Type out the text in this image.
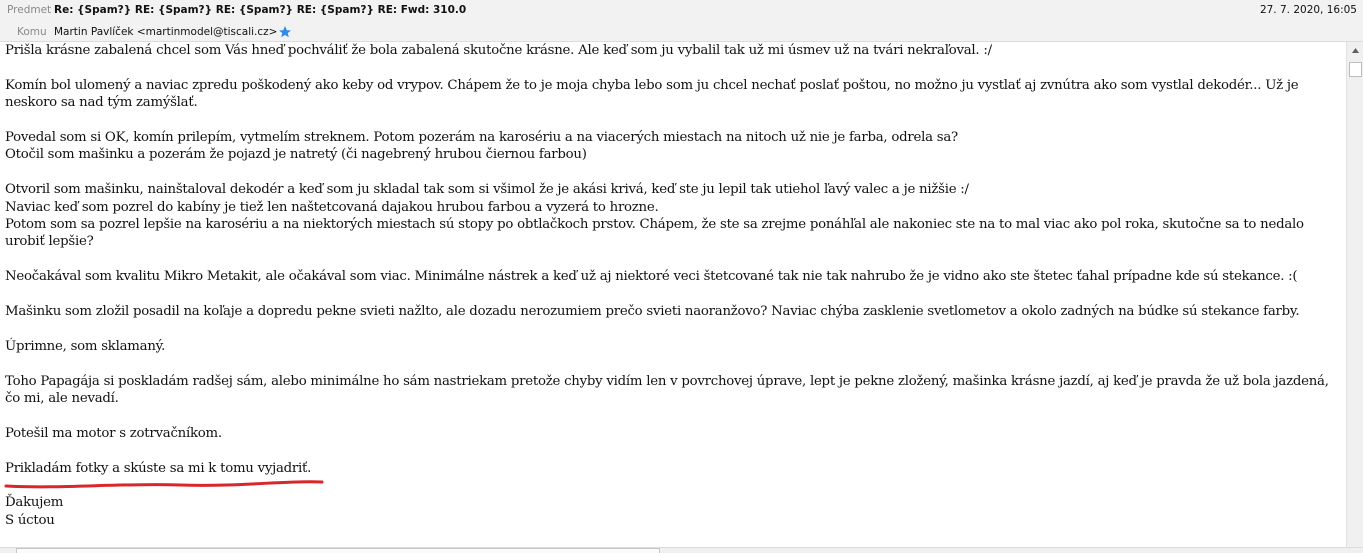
Predmet Re: {Spam?} RE: {Spam?} RE: {Spam?} RE: {Spam?} RE: Fwd: 310.0	27. 7. 2020, 16:05
Komu Martin Pavlíček <martinmodel@tiscali.cz>

Prišla krásne zabalená chcel som Vás hneď pochváliť že bola zabalená skutočne krásne. Ale keď som ju vybalil tak už mi úsmev už na tvári nekraľoval. :/

Komín bol ulomený a naviac zpredu poškodený ako keby od vrypov. Chápem že to je moja chyba lebo som ju chcel nechať poslať poštou, no možno ju vystlať aj zvnútra ako som vystlal dekodér... Už je neskoro sa nad tým zamýšlať.

Povedal som si OK, komín prilepím, vytmelím streknem. Potom pozerám na karosériu a na viacerých miestach na nitoch už nie je farba, odrela sa?

Otočil som mašinku a pozerám že pojazd je natretý (či nagebrený hrubou čiernou farbou)

Otvoril som mašinku, nainštaloval dekodér a keď som ju skladal tak som si všimol že je akási krivá, keď ste ju lepil tak utiehol ľavý valec a je nižšie :/

Naviac keď som pozrel do kabíny je tiež len naštetcovaná dajakou hrubou farbou a vyzerá to hrozne.

Potom som sa pozrel lepšie na karosériu a na niektorých miestach sú stopy po obtlačkoch prstov. Chápem, že ste sa zrejme ponáhľal ale nakoniec ste na to mal viac ako pol roka, skutočne sa to nedalo urobiť lepšie?

Neočakával som kvalitu Mikro Metakit, ale očakával som viac. Minimálne nástrek a keď už aj niektoré veci štetcované tak nie tak nahrubo že je vidno ako ste štetec ťahal prípadne kde sú stekance. :(

Mašinku som zložil posadil na koľaje a dopredu pekne svieti nažlto, ale dozadu nerozumiem prečo svieti naoranžovo? Naviac chýba zasklenie svetlometov a okolo zadných na búdke sú stekance farby.

Úprimne, som sklamaný.

Toho Papagája si poskladám radšej sám, alebo minimálne ho sám nastriekam pretože chyby vidím len v povrchovej úprave, lept je pekne zložený, mašinka krásne jazdí, aj keď je pravda že už bola jazdená, čo mi, ale nevadí.

Potešil ma motor s zotrvačníkom.

Prikladám fotky a skúste sa mi k tomu vyjadriť.

Ďakujem

S úctou
